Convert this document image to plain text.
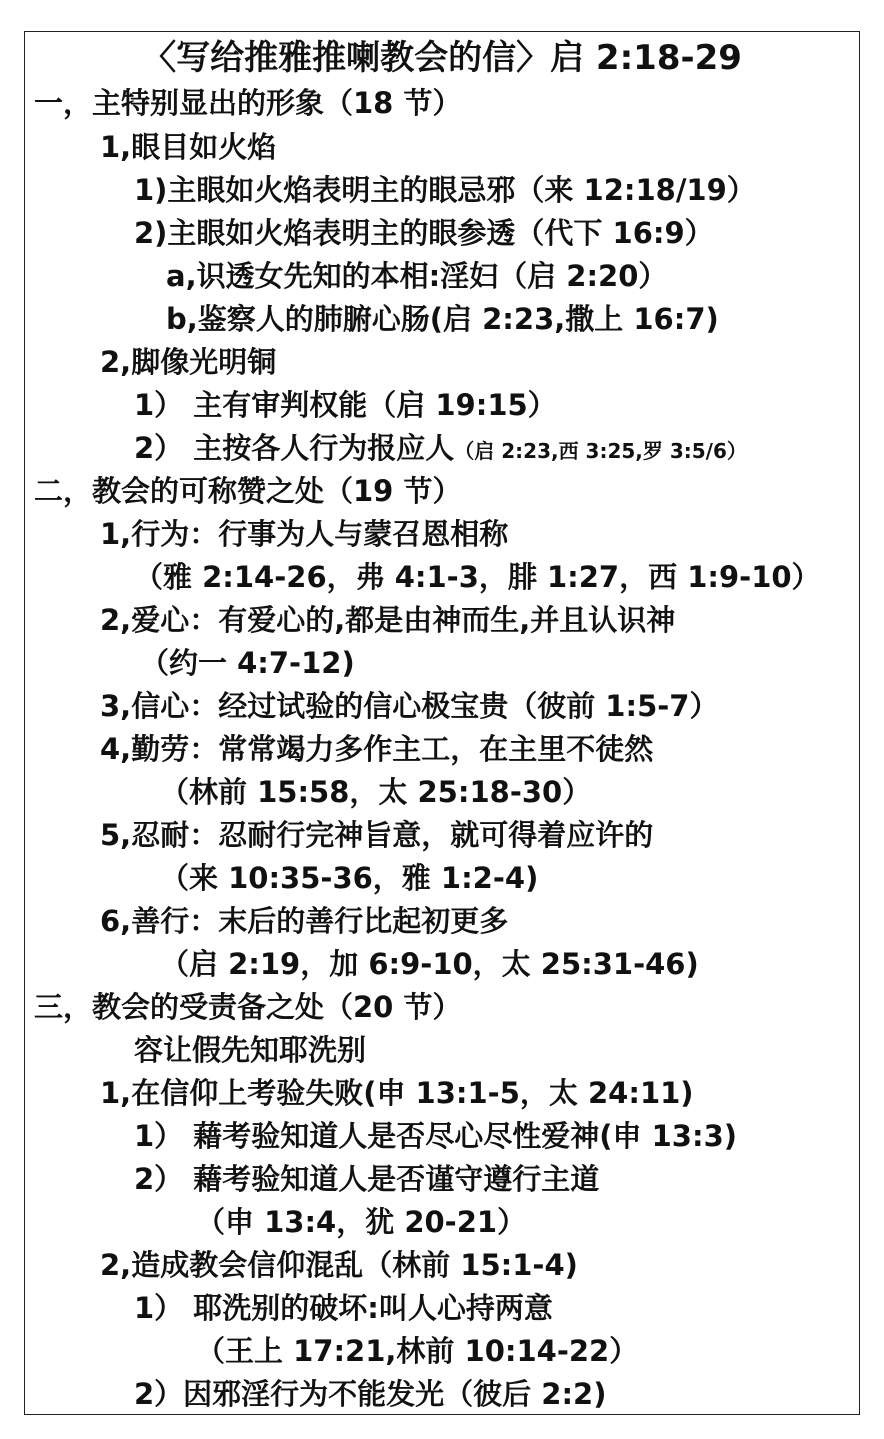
〈写给推雅推喇教会的信〉启 2:18-29
一，主特别显出的形象（18 节）
1,眼目如火焰
1)主眼如火焰表明主的眼忌邪（来 12:18/19）
2)主眼如火焰表明主的眼参透（代下 16:9）
a,识透女先知的本相:淫妇（启 2:20）
b,鉴察人的肺腑心肠(启 2:23,撒上 16:7)
2,脚像光明铜
1） 主有审判权能（启 19:15）
2） 主按各人行为报应人（启 2:23,西 3:25,罗 3:5/6）
二，教会的可称赞之处（19 节）
1,行为：行事为人与蒙召恩相称
（雅 2:14-26，弗 4:1-3，腓 1:27，西 1:9-10）
2,爱心：有爱心的,都是由神而生,并且认识神
（约一 4:7-12)
3,信心：经过试验的信心极宝贵（彼前 1:5-7）
4,勤劳：常常竭力多作主工，在主里不徒然
（林前 15:58，太 25:18-30）
5,忍耐：忍耐行完神旨意，就可得着应许的
（来 10:35-36，雅 1:2-4)
6,善行：末后的善行比起初更多
（启 2:19，加 6:9-10，太 25:31-46)
三，教会的受责备之处（20 节）
容让假先知耶洗别
1,在信仰上考验失败(申 13:1-5，太 24:11)
1） 藉考验知道人是否尽心尽性爱神(申 13:3)
2） 藉考验知道人是否谨守遵行主道
（申 13:4，犹 20-21）
2,造成教会信仰混乱（林前 15:1-4)
1） 耶洗别的破坏:叫人心持两意
（王上 17:21,林前 10:14-22）
2）因邪淫行为不能发光（彼后 2:2)
